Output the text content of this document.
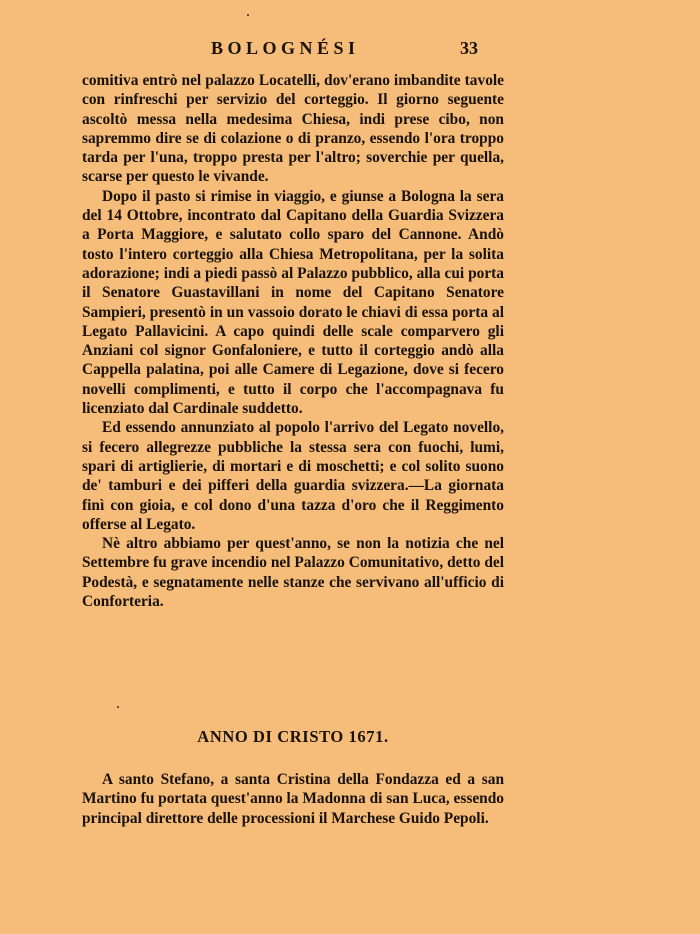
BOLOGNÉSI	33

comitiva entrò nel palazzo Locatelli, dov'erano imbandite tavole con rinfreschi per servizio del corteggio. Il giorno seguente ascoltò messa nella medesima Chiesa, indi prese cibo, non sapremmo dire se di colazione o di pranzo, essendo l'ora troppo tarda per l'una, troppo presta per l'altro; soverchie per quella, scarse per questo le vivande.

Dopo il pasto si rimise in viaggio, e giunse a Bologna la sera del 14 Ottobre, incontrato dal Capitano della Guardia Svizzera a Porta Maggiore, e salutato collo sparo del Cannone. Andò tosto l'intero corteggio alla Chiesa Metropolitana, per la solita adorazione; indi a piedi passò al Palazzo pubblico, alla cui porta il Senatore Guastavillani in nome del Capitano Senatore Sampieri, presentò in un vassoio dorato le chiavi di essa porta al Legato Pallavicini. A capo quindi delle scale comparvero gli Anziani col signor Gonfaloniere, e tutto il corteggio andò alla Cappella palatina, poi alle Camere di Legazione, dove si fecero novelli complimenti, e tutto il corpo che l'accompagnava fu licenziato dal Cardinale suddetto.

Ed essendo annunziato al popolo l'arrivo del Legato novello, si fecero allegrezze pubbliche la stessa sera con fuochi, lumi, spari di artiglierie, di mortari e di moschetti; e col solito suono de' tamburi e dei pifferi della guardia svizzera.—La giornata finì con gioia, e col dono d'una tazza d'oro che il Reggimento offerse al Legato.

Nè altro abbiamo per quest'anno, se non la notizia che nel Settembre fu grave incendio nel Palazzo Comunitativo, detto del Podestà, e segnatamente nelle stanze che servivano all'ufficio di Conforteria.

ANNO DI CRISTO 1671.

A santo Stefano, a santa Cristina della Fondazza ed a san Martino fu portata quest'anno la Madonna di san Luca, essendo principal direttore delle processioni il Marchese Guido Pepoli.
